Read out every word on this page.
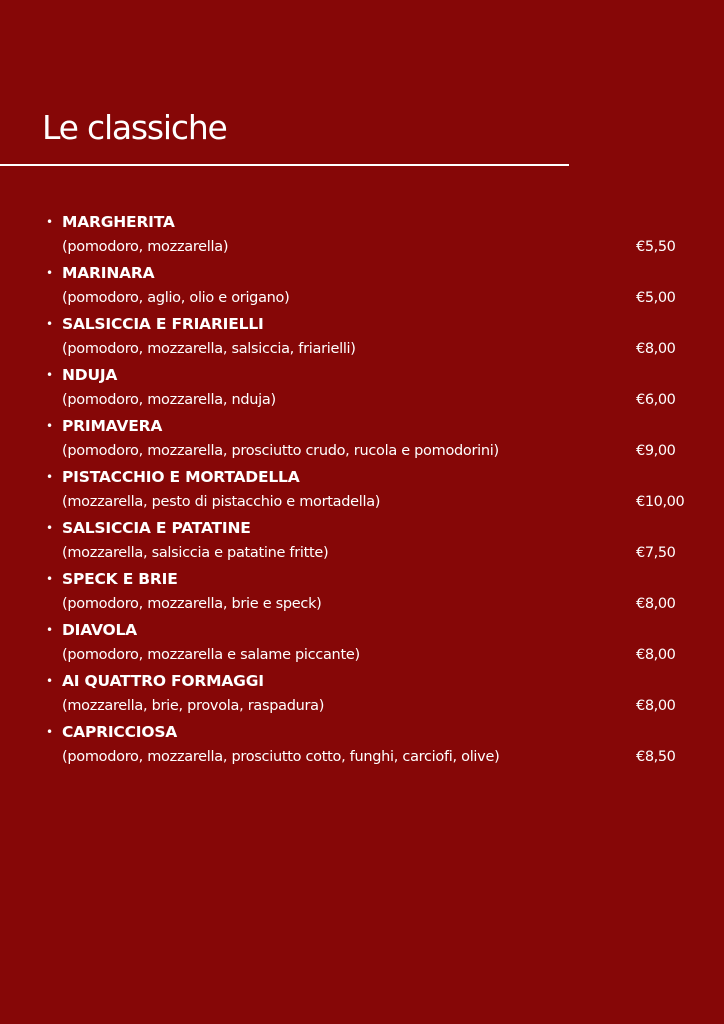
Le classiche
• MARGHERITA
(pomodoro, mozzarella)	€5,50
• MARINARA
(pomodoro, aglio, olio e origano)	€5,00
• SALSICCIA E FRIARIELLI
(pomodoro, mozzarella, salsiccia, friarielli)	€8,00
• NDUJA
(pomodoro, mozzarella, nduja)	€6,00
• PRIMAVERA
(pomodoro, mozzarella, prosciutto crudo, rucola e pomodorini)	€9,00
• PISTACCHIO E MORTADELLA
(mozzarella, pesto di pistacchio e mortadella)	€10,00
• SALSICCIA E PATATINE
(mozzarella, salsiccia e patatine fritte)	€7,50
• SPECK E BRIE
(pomodoro, mozzarella, brie e speck)	€8,00
• DIAVOLA
(pomodoro, mozzarella e salame piccante)	€8,00
• AI QUATTRO FORMAGGI
(mozzarella, brie, provola, raspadura)	€8,00
• CAPRICCIOSA
(pomodoro, mozzarella, prosciutto cotto, funghi, carciofi, olive)	€8,50
